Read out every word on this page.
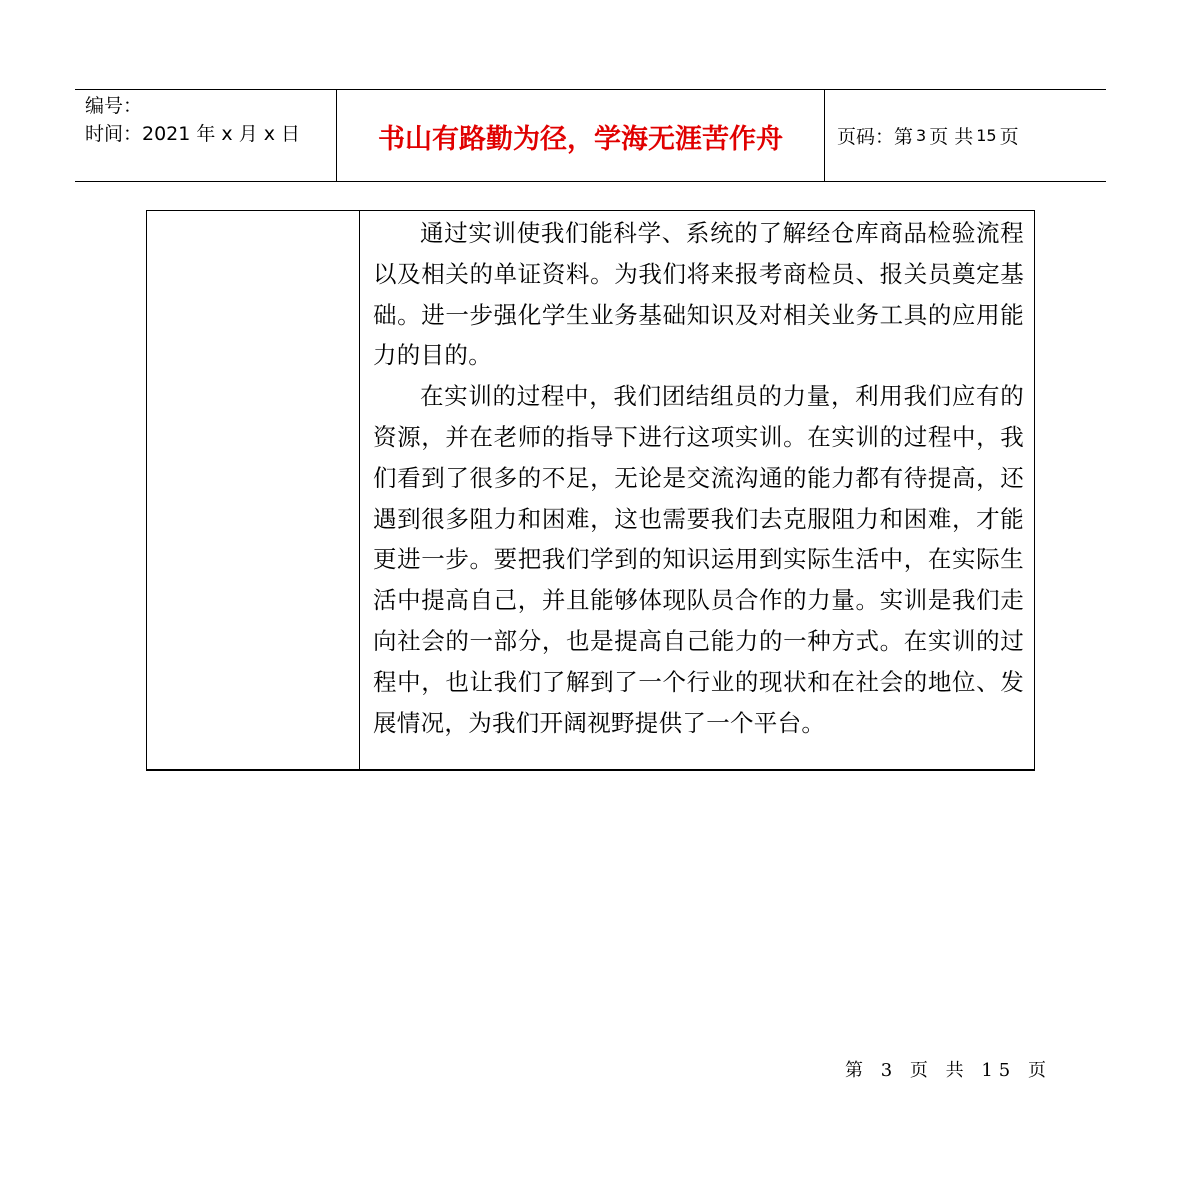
编号：
时间：2021 年 x 月 x 日	书山有路勤为径，学海无涯苦作舟	页码：第 3 页 共 15 页

通过实训使我们能科学、系统的了解经仓库商品检验流程以及相关的单证资料。为我们将来报考商检员、报关员奠定基础。进一步强化学生业务基础知识及对相关业务工具的应用能力的目的。

在实训的过程中，我们团结组员的力量，利用我们应有的资源，并在老师的指导下进行这项实训。在实训的过程中，我们看到了很多的不足，无论是交流沟通的能力都有待提高，还遇到很多阻力和困难，这也需要我们去克服阻力和困难，才能更进一步。要把我们学到的知识运用到实际生活中，在实际生活中提高自己，并且能够体现队员合作的力量。实训是我们走向社会的一部分，也是提高自己能力的一种方式。在实训的过程中，也让我们了解到了一个行业的现状和在社会的地位、发展情况，为我们开阔视野提供了一个平台。

第 3 页 共 15 页
